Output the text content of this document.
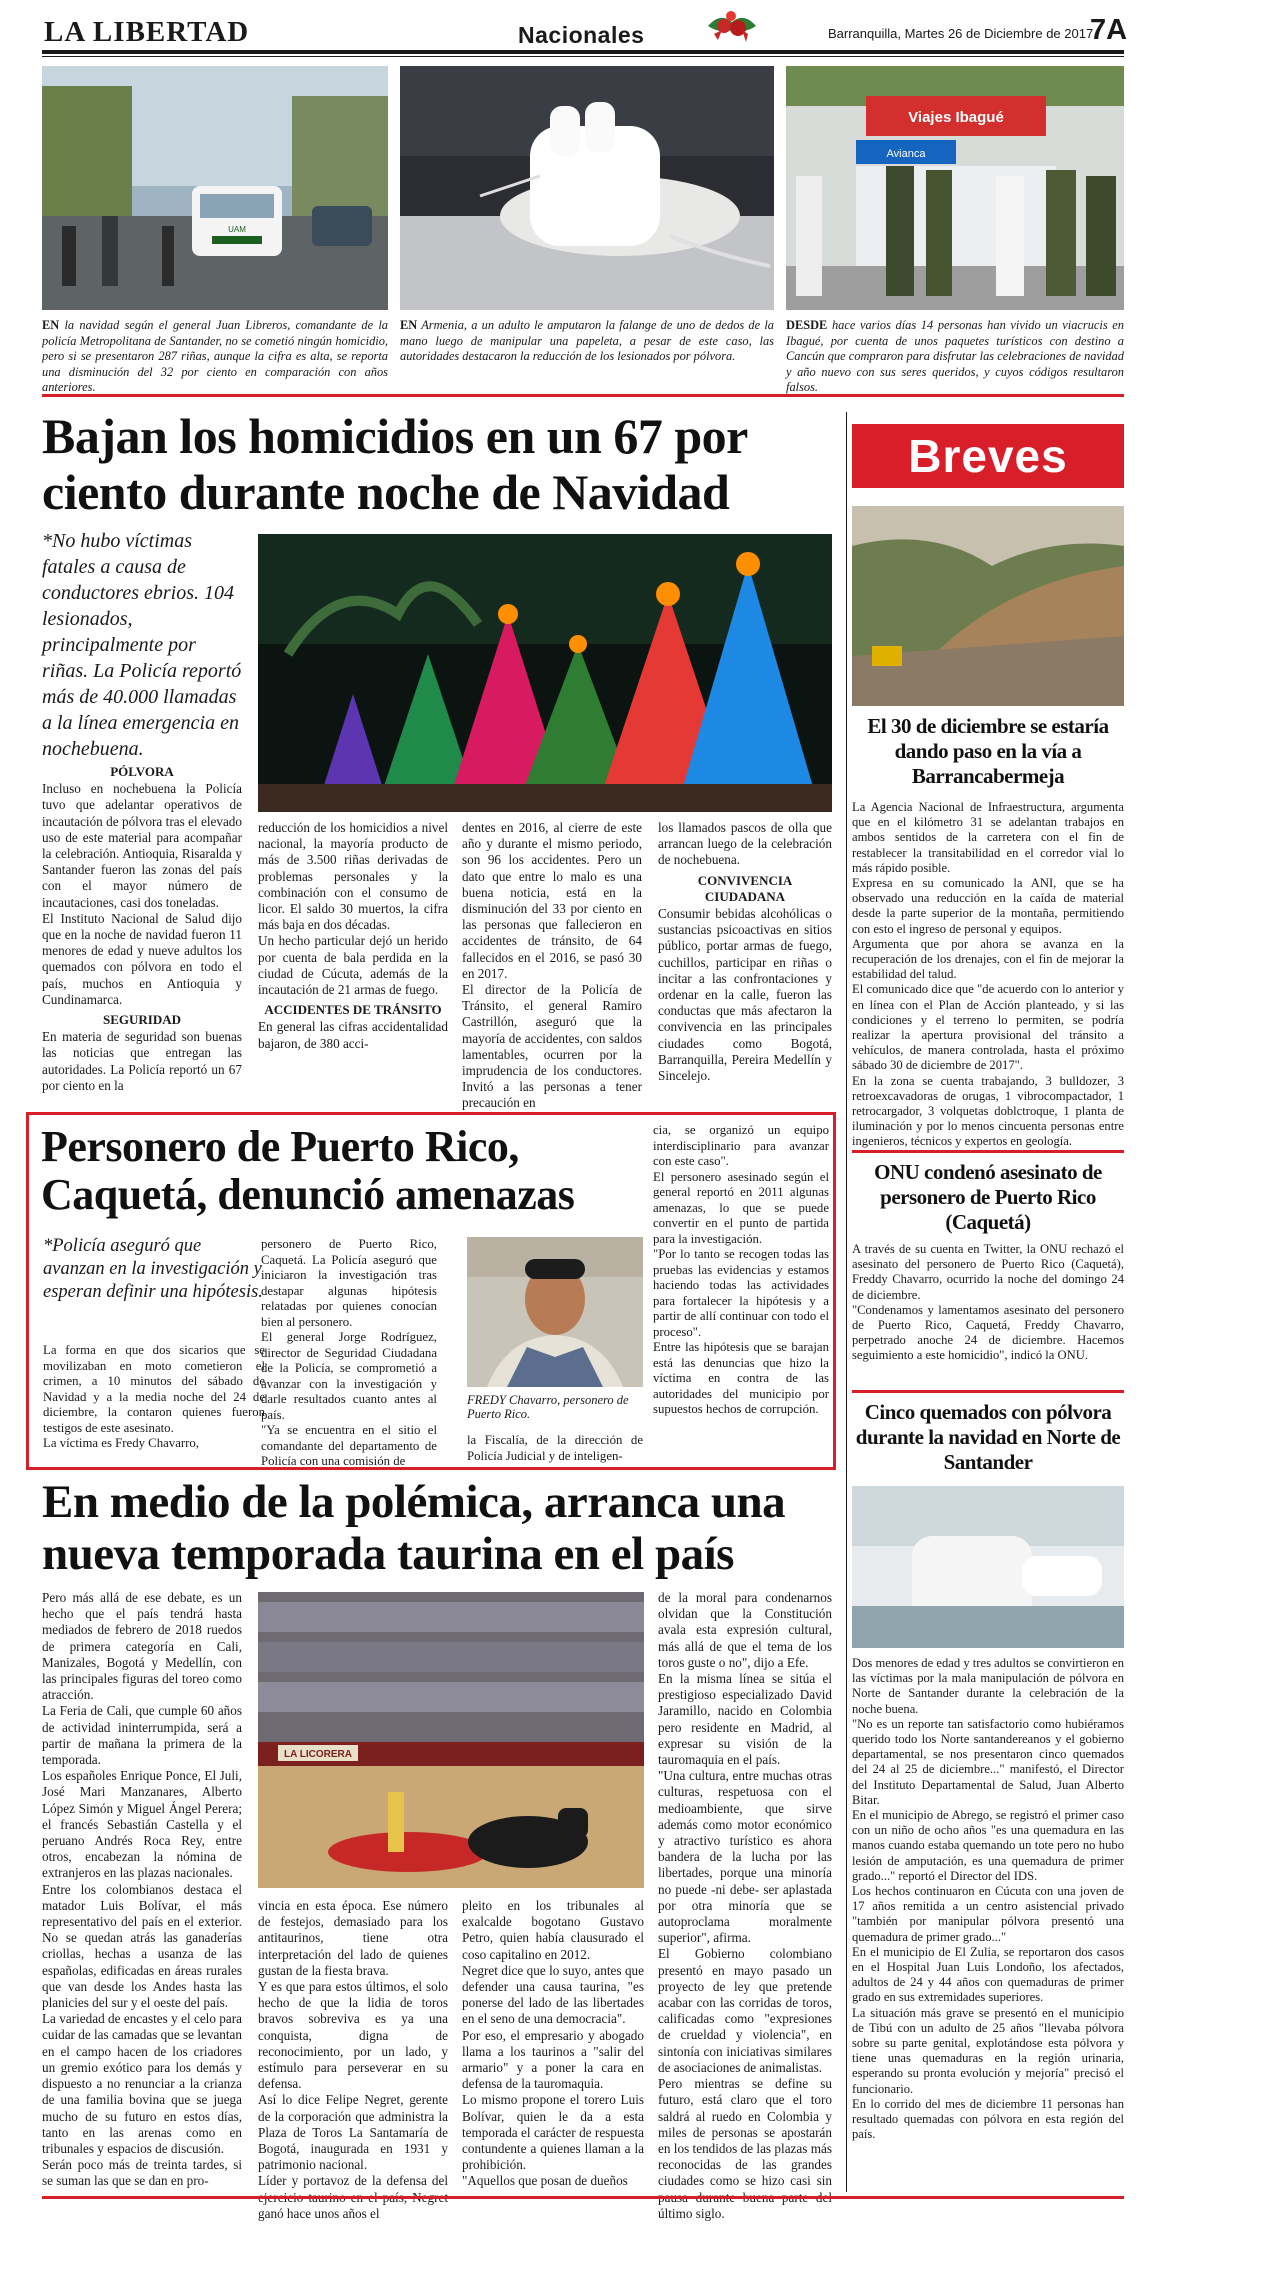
LA LIBERTAD	Nacionales	Barranquilla, Martes 26 de Diciembre de 2017
7A
UAM
Viajes Ibagué
Avianca
EN la navidad según el general Juan Libreros, comandante de la policía Metropolitana de Santander, no se cometió ningún homicidio, pero si se presentaron 287 riñas, aunque la cifra es alta, se reporta una disminución del 32 por ciento en comparación con años anteriores.
EN Armenia, a un adulto le amputaron la falange de uno de dedos de la mano luego de manipular una papeleta, a pesar de este caso, las autoridades destacaron la reducción de los lesionados por pólvora.
DESDE hace varios días 14 personas han vivido un viacrucis en Ibagué, por cuenta de unos paquetes turísticos con destino a Cancún que compraron para disfrutar las celebraciones de navidad y año nuevo con sus seres queridos, y cuyos códigos resultaron falsos.
Bajan los homicidios en un 67 por ciento durante noche de Navidad
*No hubo víctimas fatales a causa de conductores ebrios. 104 lesionados, principalmente por riñas. La Policía reportó más de 40.000 llamadas a la línea emergencia en nochebuena.
PÓLVORA

Incluso en nochebuena la Policía tuvo que adelantar operativos de incautación de pólvora tras el elevado uso de este material para acompañar la celebración. Antioquia, Risaralda y Santander fueron las zonas del país con el mayor número de incautaciones, casi dos toneladas.

El Instituto Nacional de Salud dijo que en la noche de navidad fueron 11 menores de edad y nueve adultos los quemados con pólvora en todo el país, muchos en Antioquia y Cundinamarca.

SEGURIDAD

En materia de seguridad son buenas las noticias que entregan las autoridades. La Policía reportó un 67 por ciento en la

reducción de los homicidios a nivel nacional, la mayoría producto de más de 3.500 riñas derivadas de problemas personales y la combinación con el consumo de licor. El saldo 30 muertos, la cifra más baja en dos décadas.

Un hecho particular dejó un herido por cuenta de bala perdida en la ciudad de Cúcuta, además de la incautación de 21 armas de fuego.

ACCIDENTES DE TRÁNSITO

En general las cifras accidentalidad bajaron, de 380 acci-

dentes en 2016, al cierre de este año y durante el mismo periodo, son 96 los accidentes. Pero un dato que entre lo malo es una buena noticia, está en la disminución del 33 por ciento en las personas que fallecieron en accidentes de tránsito, de 64 fallecidos en el 2016, se pasó 30 en 2017.

El director de la Policía de Tránsito, el general Ramiro Castrillón, aseguró que la mayoría de accidentes, con saldos lamentables, ocurren por la imprudencia de los conductores. Invitó a las personas a tener precaución en

los llamados pascos de olla que arrancan luego de la celebración de nochebuena.

CONVIVENCIA CIUDADANA

Consumir bebidas alcohólicas o sustancias psicoactivas en sitios público, portar armas de fuego, cuchillos, participar en riñas o incitar a las confrontaciones y ordenar en la calle, fueron las conductas que más afectaron la convivencia en las principales ciudades como Bogotá, Barranquilla, Pereira Medellín y Sincelejo.

Personero de Puerto Rico, Caquetá, denunció amenazas
*Policía aseguró que avanzan en la investigación y esperan definir una hipótesis.

La forma en que dos sicarios que se movilizaban en moto cometieron el crimen, a 10 minutos del sábado de Navidad y a la media noche del 24 de diciembre, la contaron quienes fueron testigos de este asesinato.

La víctima es Fredy Chavarro,

personero de Puerto Rico, Caquetá. La Policía aseguró que iniciaron la investigación tras destapar algunas hipótesis relatadas por quienes conocían bien al personero.

El general Jorge Rodríguez, director de Seguridad Ciudadana de la Policía, se comprometió a avanzar con la investigación y darle resultados cuanto antes al país.

"Ya se encuentra en el sitio el comandante del departamento de Policía con una comisión de

FREDY Chavarro, personero de Puerto Rico.
la Fiscalía, de la dirección de Policía Judicial y de inteligen-

cia, se organizó un equipo interdisciplinario para avanzar con este caso".

El personero asesinado según el general reportó en 2011 algunas amenazas, lo que se puede convertir en el punto de partida para la investigación.

"Por lo tanto se recogen todas las pruebas las evidencias y estamos haciendo todas las actividades para fortalecer la hipótesis y a partir de allí continuar con todo el proceso".

Entre las hipótesis que se barajan está las denuncias que hizo la víctima en contra de las autoridades del municipio por supuestos hechos de corrupción.

En medio de la polémica, arranca una nueva temporada taurina en el país

Pero más allá de ese debate, es un hecho que el país tendrá hasta mediados de febrero de 2018 ruedos de primera categoría en Cali, Manizales, Bogotá y Medellín, con las principales figuras del toreo como atracción.

La Feria de Cali, que cumple 60 años de actividad ininterrumpida, será a partir de mañana la primera de la temporada.

Los españoles Enrique Ponce, El Juli, José Mari Manzanares, Alberto López Simón y Miguel Ángel Perera; el francés Sebastián Castella y el peruano Andrés Roca Rey, entre otros, encabezan la nómina de extranjeros en las plazas nacionales.

Entre los colombianos destaca el matador Luis Bolívar, el más representativo del país en el exterior. No se quedan atrás las ganaderías criollas, hechas a usanza de las españolas, edificadas en áreas rurales que van desde los Andes hasta las planicies del sur y el oeste del país.

La variedad de encastes y el celo para cuidar de las camadas que se levantan en el campo hacen de los criadores un gremio exótico para los demás y dispuesto a no renunciar a la crianza de una familia bovina que se juega mucho de su futuro en estos días, tanto en las arenas como en tribunales y espacios de discusión.

Serán poco más de treinta tardes, si se suman las que se dan en pro-

LA LICORERA

vincia en esta época. Ese número de festejos, demasiado para los antitaurinos, tiene otra interpretación del lado de quienes gustan de la fiesta brava.

Y es que para estos últimos, el solo hecho de que la lidia de toros bravos sobreviva es ya una conquista, digna de reconocimiento, por un lado, y estímulo para perseverar en su defensa.

Así lo dice Felipe Negret, gerente de la corporación que administra la Plaza de Toros La Santamaría de Bogotá, inaugurada en 1931 y patrimonio nacional.

Líder y portavoz de la defensa del ganó hace unos años el

pleito en los tribunales al exalcalde bogotano Gustavo Petro, quien había clausurado el coso capitalino en 2012.

Negret dice que lo suyo, antes que defender una causa taurina, "es ponerse del lado de las libertades en el seno de una democracia".

Por eso, el empresario y abogado llama a los taurinos a "salir del armario" y a poner la cara en defensa de la tauromaquia.

Lo mismo propone el torero Luis Bolívar, quien le da a esta temporada el carácter de respuesta contundente a quienes llaman a la prohibición.

"Aquellos que posan de dueños

de la moral para condenarnos olvidan que la Constitución avala esta expresión cultural, más allá de que el tema de los toros guste o no", dijo a Efe.

En la misma línea se sitúa el prestigioso especializado David Jaramillo, nacido en Colombia pero residente en Madrid, al expresar su visión de la tauromaquia en el país.

"Una cultura, entre muchas otras culturas, respetuosa con el medioambiente, que sirve además como motor económico y atractivo turístico es ahora bandera de la lucha por las libertades, porque una minoría no puede -ni debe- ser aplastada por otra minoría que se autoproclama moralmente superior", afirma.

El Gobierno colombiano presentó en mayo pasado un proyecto de ley que pretende acabar con las corridas de toros, calificadas como "expresiones de crueldad y violencia", en sintonía con iniciativas similares de asociaciones de animalistas.

Pero mientras se define su futuro, está claro que el toro saldrá al ruedo en Colombia y miles de personas se apostarán en los tendidos de las plazas más reconocidas de las grandes ciudades como se hizo casi sin último siglo.

Breves
El 30 de diciembre se estaría dando paso en la vía a Barrancabermeja

La Agencia Nacional de Infraestructura, argumenta que en el kilómetro 31 se adelantan trabajos en ambos sentidos de la carretera con el fin de restablecer la transitabilidad en el corredor vial lo más rápido posible.

Expresa en su comunicado la ANI, que se ha observado una reducción en la caída de material desde la parte superior de la montaña, permitiendo con esto el ingreso de personal y equipos.

Argumenta que por ahora se avanza en la recuperación de los drenajes, con el fin de mejorar la estabilidad del talud.

El comunicado dice que "de acuerdo con lo anterior y en línea con el Plan de Acción planteado, y si las condiciones y el terreno lo permiten, se podría realizar la apertura provisional del tránsito a vehículos, de manera controlada, hasta el próximo sábado 30 de diciembre de 2017".

En la zona se cuenta trabajando, 3 bulldozer, 3 retroexcavadoras de orugas, 1 vibrocompactador, 1 retrocargador, 3 volquetas doblctroque, 1 planta de iluminación y por lo menos cincuenta personas entre ingenieros, técnicos y expertos en geología.

ONU condenó asesinato de personero de Puerto Rico (Caquetá)

A través de su cuenta en Twitter, la ONU rechazó el asesinato del personero de Puerto Rico (Caquetá), Freddy Chavarro, ocurrido la noche del domingo 24 de diciembre.

"Condenamos y lamentamos asesinato del personero de Puerto Rico, Caquetá, Freddy Chavarro, perpetrado anoche 24 de diciembre. Hacemos seguimiento a este homicidio", indicó la ONU.

Cinco quemados con pólvora durante la navidad en Norte de Santander

Dos menores de edad y tres adultos se convirtieron en las víctimas por la mala manipulación de pólvora en Norte de Santander durante la celebración de la noche buena.

"No es un reporte tan satisfactorio como hubiéramos querido todo los Norte santandereanos y el gobierno departamental, se nos presentaron cinco quemados del 24 al 25 de diciembre..." manifestó, el Director del Instituto Departamental de Salud, Juan Alberto Bitar.

En el municipio de Abrego, se registró el primer caso con un niño de ocho años "es una quemadura en las manos cuando estaba quemando un tote pero no hubo lesión de amputación, es una quemadura de primer grado..." reportó el Director del IDS.

Los hechos continuaron en Cúcuta con una joven de 17 años remitida a un centro asistencial privado "también por manipular pólvora presentó una quemadura de primer grado..."

En el municipio de El Zulia, se reportaron dos casos en el Hospital Juan Luis Londoño, los afectados, adultos de 24 y 44 años con quemaduras de primer grado en sus extremidades superiores.

La situación más grave se presentó en el municipio de Tibú con un adulto de 25 años "llevaba pólvora sobre su parte genital, explotándose esta pólvora y tiene unas quemaduras en la región urinaria, esperando su pronta evolución y mejoría" precisó el funcionario.

En lo corrido del mes de diciembre 11 personas han resultado quemadas con pólvora en esta región del país.
